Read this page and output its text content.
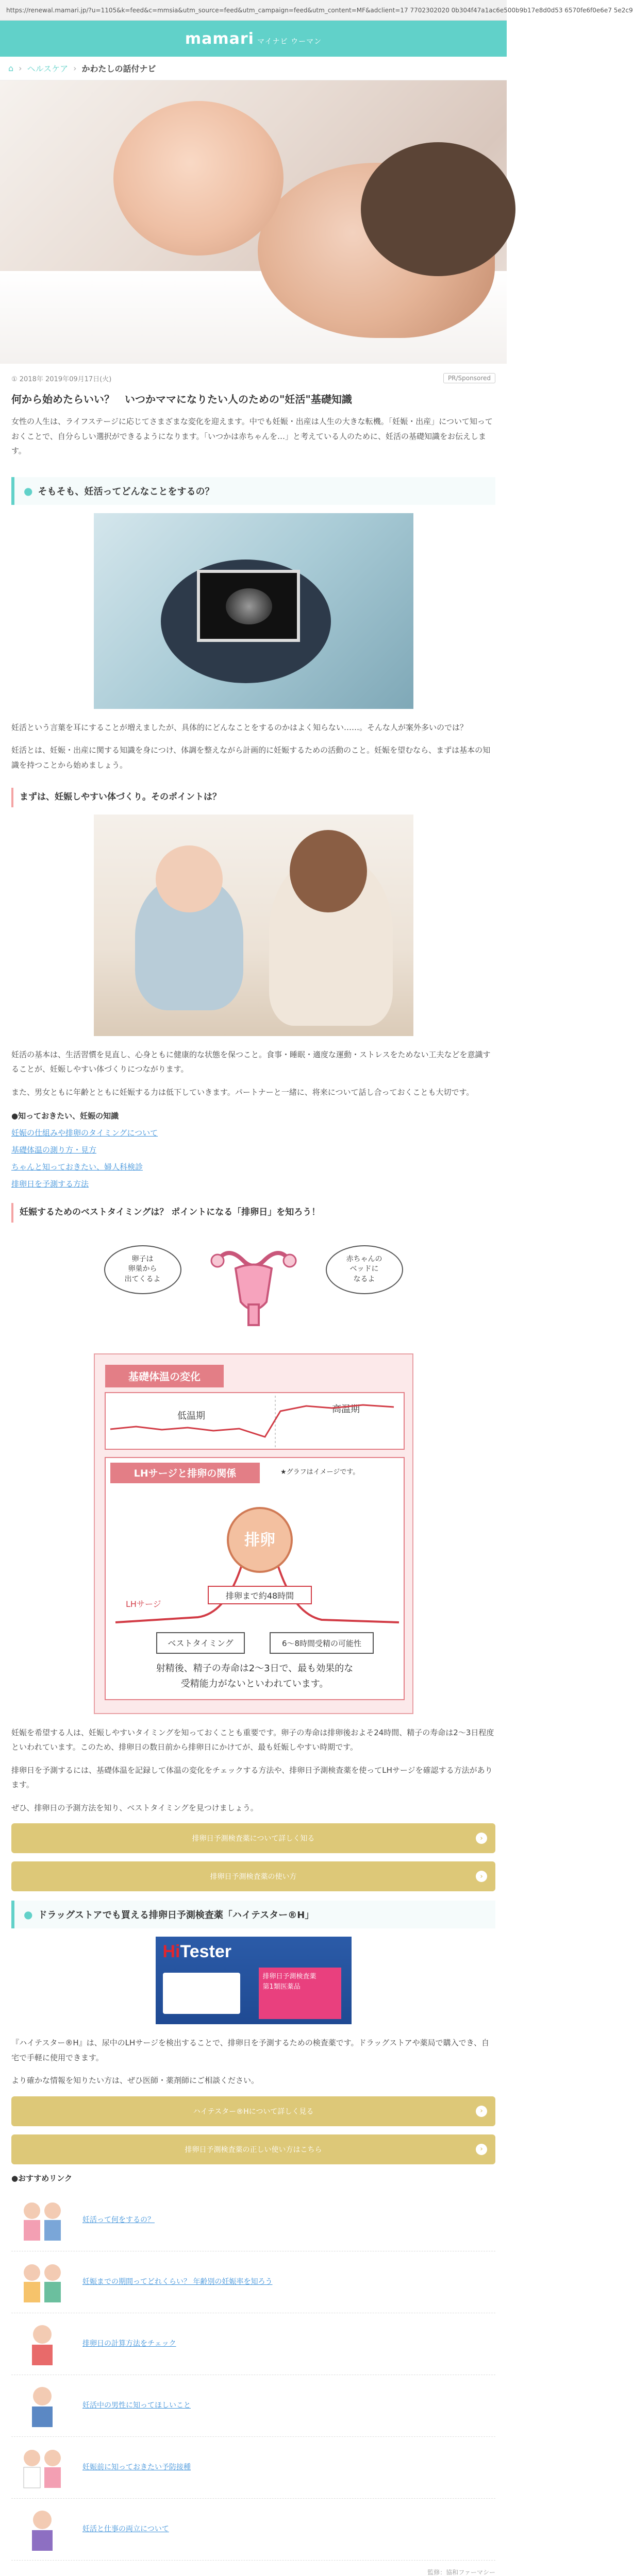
https://renewal.mamari.jp/?u=1105&k=feed&c=mmsia&utm_source=feed&utm_campaign=feed&utm_content=MF&adclient=17 7702302020 0b304f47a1ac6e500b9b17e8d0d53 6570fe6f0e6e7 5e2c9
mamari マイナビ ウーマン
⌂ › ヘルスケア › かわたしの話付ナビ
① 2018年 2019年09月17日(火)	PR/Sponsored
何から始めたらいい？　いつかママになりたい人のための"妊活"基礎知識

女性の人生は、ライフステージに応じてさまざまな変化を迎えます。中でも妊娠・出産は人生の大きな転機。「妊娠・出産」について知っておくことで、自分らしい選択ができるようになります。「いつかは赤ちゃんを…」と考えている人のために、妊活の基礎知識をお伝えします。

● そもそも、妊活ってどんなことをするの？

妊活という言葉を耳にすることが増えましたが、具体的にどんなことをするのかはよく知らない……。そんな人が案外多いのでは？

妊活とは、妊娠・出産に関する知識を身につけ、体調を整えながら計画的に妊娠するための活動のこと。妊娠を望むなら、まずは基本の知識を持つことから始めましょう。

まずは、妊娠しやすい体づくり。そのポイントは？

妊活の基本は、生活習慣を見直し、心身ともに健康的な状態を保つこと。食事・睡眠・適度な運動・ストレスをためない工夫などを意識することが、妊娠しやすい体づくりにつながります。

また、男女ともに年齢とともに妊娠する力は低下していきます。パートナーと一緒に、将来について話し合っておくことも大切です。

●知っておきたい、妊娠の知識
妊娠の仕組みや排卵のタイミングについて
基礎体温の測り方・見方
ちゃんと知っておきたい、婦人科検診
排卵日を予測する方法
妊娠するためのベストタイミングは？ ポイントになる「排卵日」を知ろう！
卵子は
卵巣から
出てくるよ
赤ちゃんの
ベッドに
なるよ
基礎体温の変化
低温期
高温期
LHサージと排卵の関係	★グラフはイメージです。
排卵
LHサージ
排卵まで約48時間
ベストタイミング	6〜8時間受精の可能性
射精後、精子の寿命は2〜3日で、最も効果的な
受精能力がないといわれています。

妊娠を希望する人は、妊娠しやすいタイミングを知っておくことも重要です。卵子の寿命は排卵後およそ24時間、精子の寿命は2〜3日程度といわれています。このため、排卵日の数日前から排卵日にかけてが、最も妊娠しやすい時期です。

排卵日を予測するには、基礎体温を記録して体温の変化をチェックする方法や、排卵日予測検査薬を使ってLHサージを確認する方法があります。

ぜひ、排卵日の予測方法を知り、ベストタイミングを見つけましょう。

排卵日予測検査薬について詳しく知る	›
排卵日予測検査薬の使い方	›
● ドラッグストアでも買える排卵日予測検査薬「ハイテスター®H」
HiTester
排卵日予測検査薬
第1類医薬品

『ハイテスター®H』は、尿中のLHサージを検出することで、排卵日を予測するための検査薬です。ドラッグストアや薬局で購入でき、自宅で手軽に使用できます。

より確かな情報を知りたい方は、ぜひ医師・薬剤師にご相談ください。

ハイテスター®Hについて詳しく見る	›
排卵日予測検査薬の正しい使い方はこちら	›
●おすすめリンク
妊活って何をするの？
妊娠までの期間ってどれくらい？ 年齢別の妊娠率を知ろう
排卵日の計算方法をチェック
妊活中の男性に知ってほしいこと
妊娠前に知っておきたい予防接種
妊活と仕事の両立について
監修：協和ファーマシー
